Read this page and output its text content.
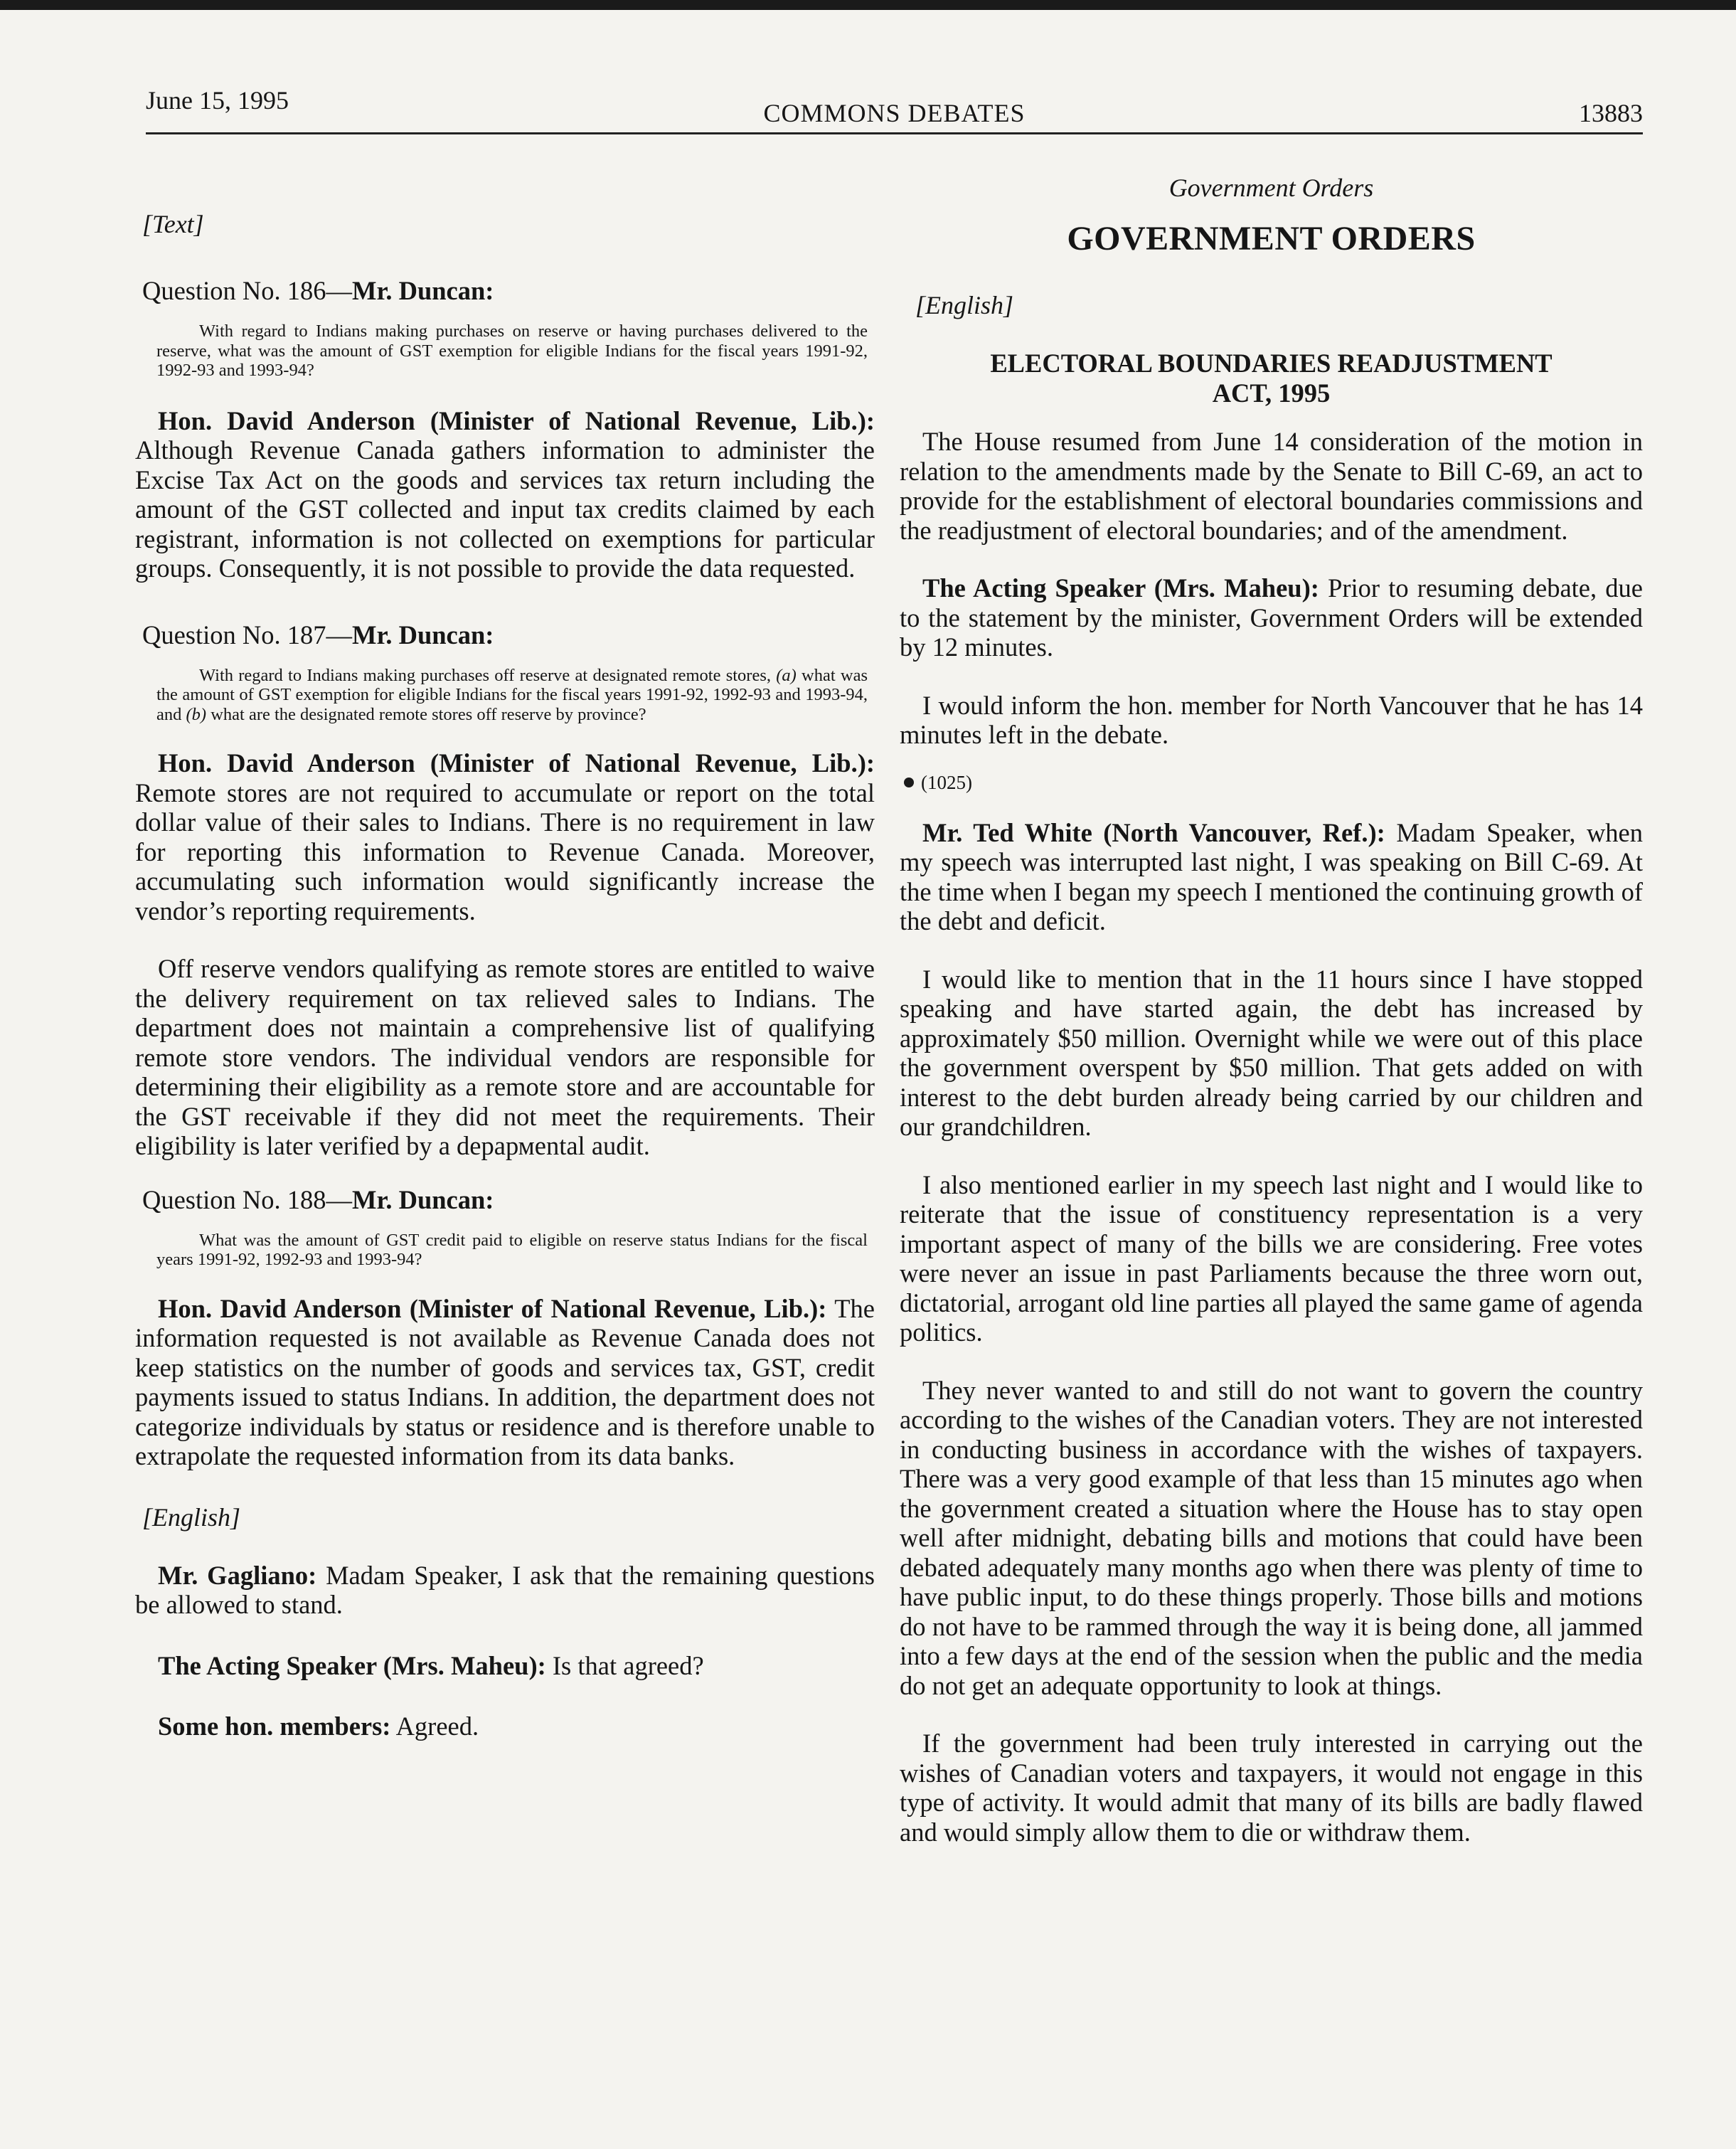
June 15, 1995	COMMONS DEBATES	13883

[Text]

Question No. 186—Mr. Duncan:

With regard to Indians making purchases on reserve or having purchases delivered to the reserve, what was the amount of GST exemption for eligible Indians for the fiscal years 1991-92, 1992-93 and 1993-94?

Hon. David Anderson (Minister of National Revenue, Lib.): Although Revenue Canada gathers information to administer the Excise Tax Act on the goods and services tax return including the amount of the GST collected and input tax credits claimed by each registrant, information is not collected on exemptions for particular groups. Consequently, it is not possible to provide the data requested.

Question No. 187—Mr. Duncan:

With regard to Indians making purchases off reserve at designated remote stores, (a) what was the amount of GST exemption for eligible Indians for the fiscal years 1991-92, 1992-93 and 1993-94, and (b) what are the designated remote stores off reserve by province?

Hon. David Anderson (Minister of National Revenue, Lib.): Remote stores are not required to accumulate or report on the total dollar value of their sales to Indians. There is no requirement in law for reporting this information to Revenue Canada. Moreover, accumulating such information would significantly increase the vendor’s reporting requirements.

Off reserve vendors qualifying as remote stores are entitled to waive the delivery requirement on tax relieved sales to Indians. The department does not maintain a comprehensive list of qualifying remote store vendors. The individual vendors are responsible for determining their eligibility as a remote store and are accountable for the GST receivable if they did not meet the requirements. Their eligibility is later verified by a depармental audit.

Question No. 188—Mr. Duncan:

What was the amount of GST credit paid to eligible on reserve status Indians for the fiscal years 1991-92, 1992-93 and 1993-94?

Hon. David Anderson (Minister of National Revenue, Lib.): The information requested is not available as Revenue Canada does not keep statistics on the number of goods and services tax, GST, credit payments issued to status Indians. In addition, the department does not categorize individuals by status or residence and is therefore unable to extrapolate the requested information from its data banks.

[English]

Mr. Gagliano: Madam Speaker, I ask that the remaining questions be allowed to stand.

The Acting Speaker (Mrs. Maheu): Is that agreed?

Some hon. members: Agreed.

Government Orders

GOVERNMENT ORDERS

[English]

ELECTORAL BOUNDARIES READJUSTMENT

ACT, 1995

The House resumed from June 14 consideration of the motion in relation to the amendments made by the Senate to Bill C-69, an act to provide for the establishment of electoral boundaries commissions and the readjustment of electoral boundaries; and of the amendment.

The Acting Speaker (Mrs. Maheu): Prior to resuming debate, due to the statement by the minister, Government Orders will be extended by 12 minutes.

I would inform the hon. member for North Vancouver that he has 14 minutes left in the debate.

(1025)

Mr. Ted White (North Vancouver, Ref.): Madam Speaker, when my speech was interrupted last night, I was speaking on Bill C-69. At the time when I began my speech I mentioned the continuing growth of the debt and deficit.

I would like to mention that in the 11 hours since I have stopped speaking and have started again, the debt has increased by approximately $50 million. Overnight while we were out of this place the government overspent by $50 million. That gets added on with interest to the debt burden already being carried by our children and our grandchildren.

I also mentioned earlier in my speech last night and I would like to reiterate that the issue of constituency representation is a very important aspect of many of the bills we are considering. Free votes were never an issue in past Parliaments because the three worn out, dictatorial, arrogant old line parties all played the same game of agenda politics.

They never wanted to and still do not want to govern the country according to the wishes of the Canadian voters. They are not interested in conducting business in accordance with the wishes of taxpayers. There was a very good example of that less than 15 minutes ago when the government created a situation where the House has to stay open well after midnight, debating bills and motions that could have been debated adequately many months ago when there was plenty of time to have public input, to do these things properly. Those bills and motions do not have to be rammed through the way it is being done, all jammed into a few days at the end of the session when the public and the media do not get an adequate opportunity to look at things.

If the government had been truly interested in carrying out the wishes of Canadian voters and taxpayers, it would not engage in this type of activity. It would admit that many of its bills are badly flawed and would simply allow them to die or withdraw them.
